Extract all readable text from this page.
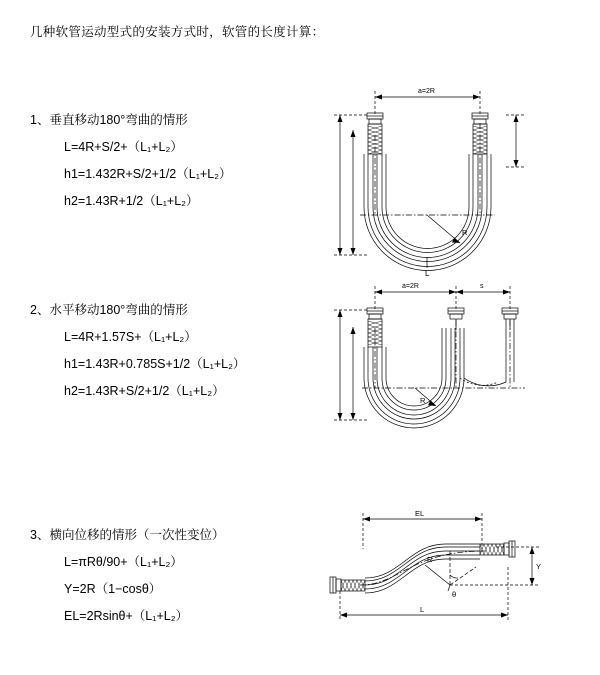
几种软管运动型式的安装方式时，软管的长度计算：
1、垂直移动180°弯曲的情形
L=4R+S/2+（L₁+L₂）
h1=1.432R+S/2+1/2（L₁+L₂）
h2=1.43R+1/2（L₁+L₂）
a=2R
R
L
2、水平移动180°弯曲的情形
L=4R+1.57S+（L₁+L₂）
h1=1.43R+0.785S+1/2（L₁+L₂）
h2=1.43R+S/2+1/2（L₁+L₂）
a=2R	s
R
3、横向位移的情形（一次性变位）
L=πRθ/90+（L₁+L₂）
Y=2R（1−cosθ）
EL=2Rsinθ+（L₁+L₂）
EL
L
Y
θ
R
